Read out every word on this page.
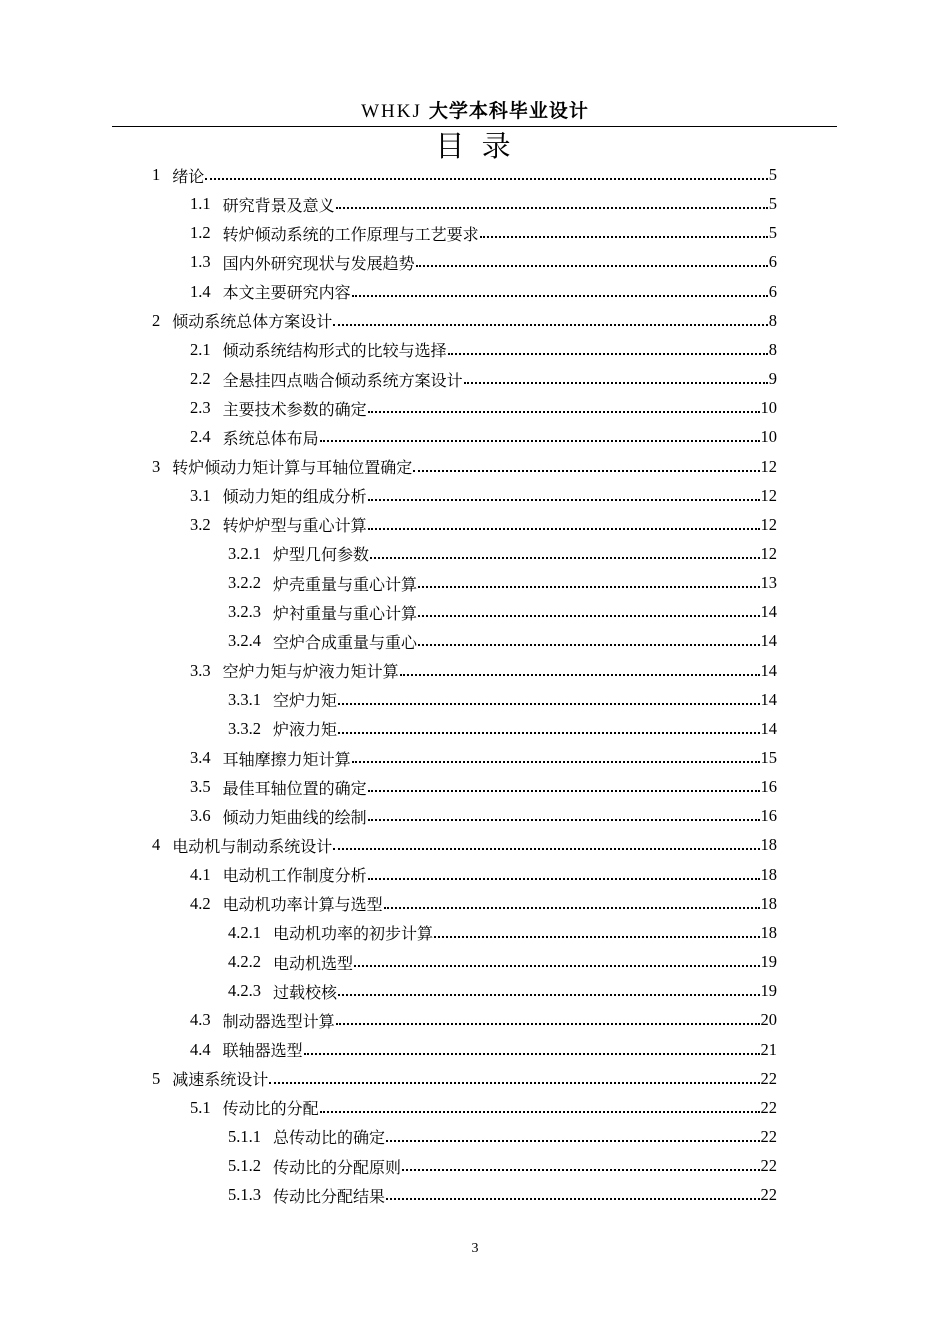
WHKJ 大学本科毕业设计
目 录
1 绪论	5
1.1 研究背景及意义	5
1.2 转炉倾动系统的工作原理与工艺要求	5
1.3 国内外研究现状与发展趋势	6
1.4 本文主要研究内容	6
2 倾动系统总体方案设计	8
2.1 倾动系统结构形式的比较与选择	8
2.2 全悬挂四点啮合倾动系统方案设计	9
2.3 主要技术参数的确定	10
2.4 系统总体布局	10
3 转炉倾动力矩计算与耳轴位置确定	12
3.1 倾动力矩的组成分析	12
3.2 转炉炉型与重心计算	12
3.2.1 炉型几何参数	12
3.2.2 炉壳重量与重心计算	13
3.2.3 炉衬重量与重心计算	14
3.2.4 空炉合成重量与重心	14
3.3 空炉力矩与炉液力矩计算	14
3.3.1 空炉力矩	14
3.3.2 炉液力矩	14
3.4 耳轴摩擦力矩计算	15
3.5 最佳耳轴位置的确定	16
3.6 倾动力矩曲线的绘制	16
4 电动机与制动系统设计	18
4.1 电动机工作制度分析	18
4.2 电动机功率计算与选型	18
4.2.1 电动机功率的初步计算	18
4.2.2 电动机选型	19
4.2.3 过载校核	19
4.3 制动器选型计算	20
4.4 联轴器选型	21
5 减速系统设计	22
5.1 传动比的分配	22
5.1.1 总传动比的确定	22
5.1.2 传动比的分配原则	22
5.1.3 传动比分配结果	22
3
